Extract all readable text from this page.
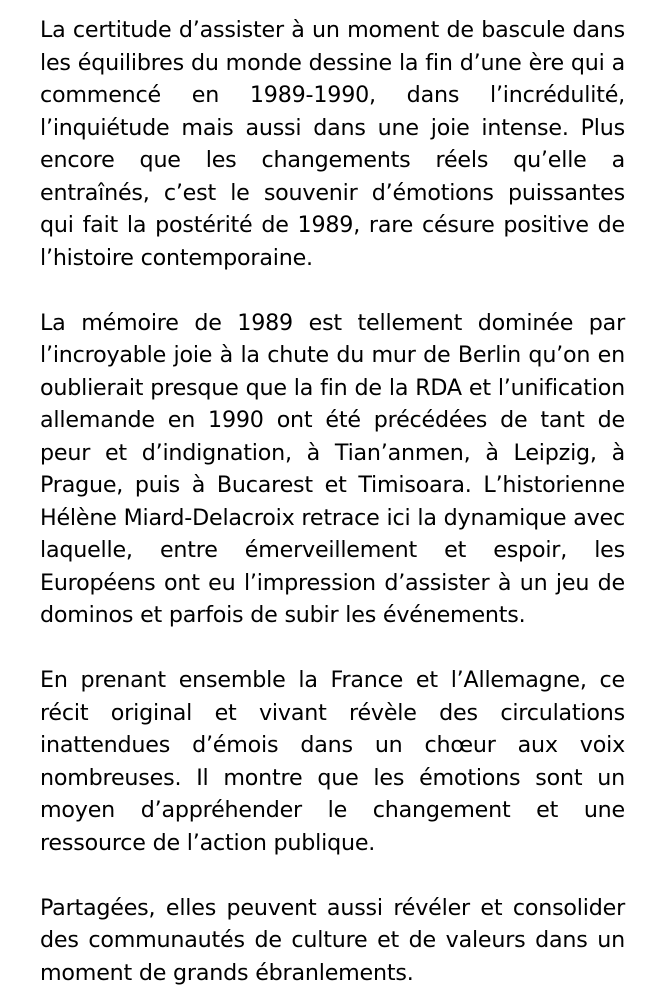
La certitude d’assister à un moment de bascule dans les équilibres du monde dessine la fin d’une ère qui a commencé en 1989-1990, dans l’incrédulité, l’inquiétude mais aussi dans une joie intense. Plus encore que les changements réels qu’elle a entraînés, c’est le souvenir d’émotions puissantes qui fait la postérité de 1989, rare césure positive de l’histoire contemporaine.

La mémoire de 1989 est tellement dominée par l’incroyable joie à la chute du mur de Berlin qu’on en oublierait presque que la fin de la RDA et l’unification allemande en 1990 ont été précédées de tant de peur et d’indignation, à Tian’anmen, à Leipzig, à Prague, puis à Bucarest et Timisoara. L’historienne Hélène Miard-Delacroix retrace ici la dynamique avec laquelle, entre émerveillement et espoir, les Européens ont eu l’impression d’assister à un jeu de dominos et parfois de subir les événements.

En prenant ensemble la France et l’Allemagne, ce récit original et vivant révèle des circulations inattendues d’émois dans un chœur aux voix nombreuses. Il montre que les émotions sont un moyen d’appréhender le changement et une ressource de l’action publique.

Partagées, elles peuvent aussi révéler et consolider des communautés de culture et de valeurs dans un moment de grands ébranlements.
